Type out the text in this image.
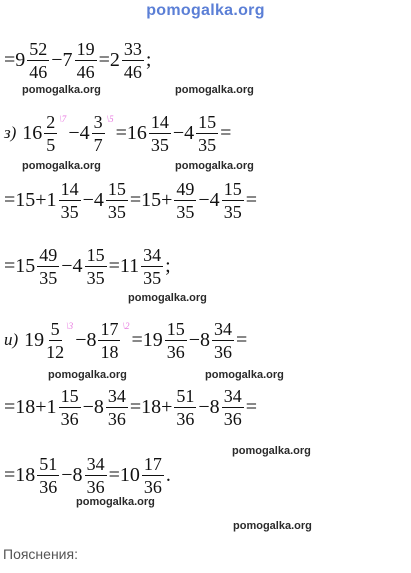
pomogalka.org
= $9 \frac{52}{46} -7 \frac{19}{46} =2 \frac{33}{46}$ ;
з) $16 \frac{2}{5}$ \7
$-4 \frac{3}{7}$ \5
$=16 \frac{14}{35} -4 \frac{15}{35}$ =
$=15+1 \frac{14}{35} -4 \frac{15}{35} =15+ \frac{49}{35} -4 \frac{15}{35}$ =
$=15 \frac{49}{35} -4 \frac{15}{35} =11 \frac{34}{35}$ ;
и) $19 \frac{5}{12}$ \3
$-8 \frac{17}{18}$ \2
$=19 \frac{15}{36} -8 \frac{34}{36}$ =
$=18+1 \frac{15}{36} -8 \frac{34}{36} =18+ \frac{51}{36} -8 \frac{34}{36}$ =
$=18 \frac{51}{36} -8 \frac{34}{36} =10 \frac{17}{36}$ .
pomogalka.org	pomogalka.org
pomogalka.org	pomogalka.org
pomogalka.org
pomogalka.org	pomogalka.org
pomogalka.org
pomogalka.org
pomogalka.org
Пояснения:
